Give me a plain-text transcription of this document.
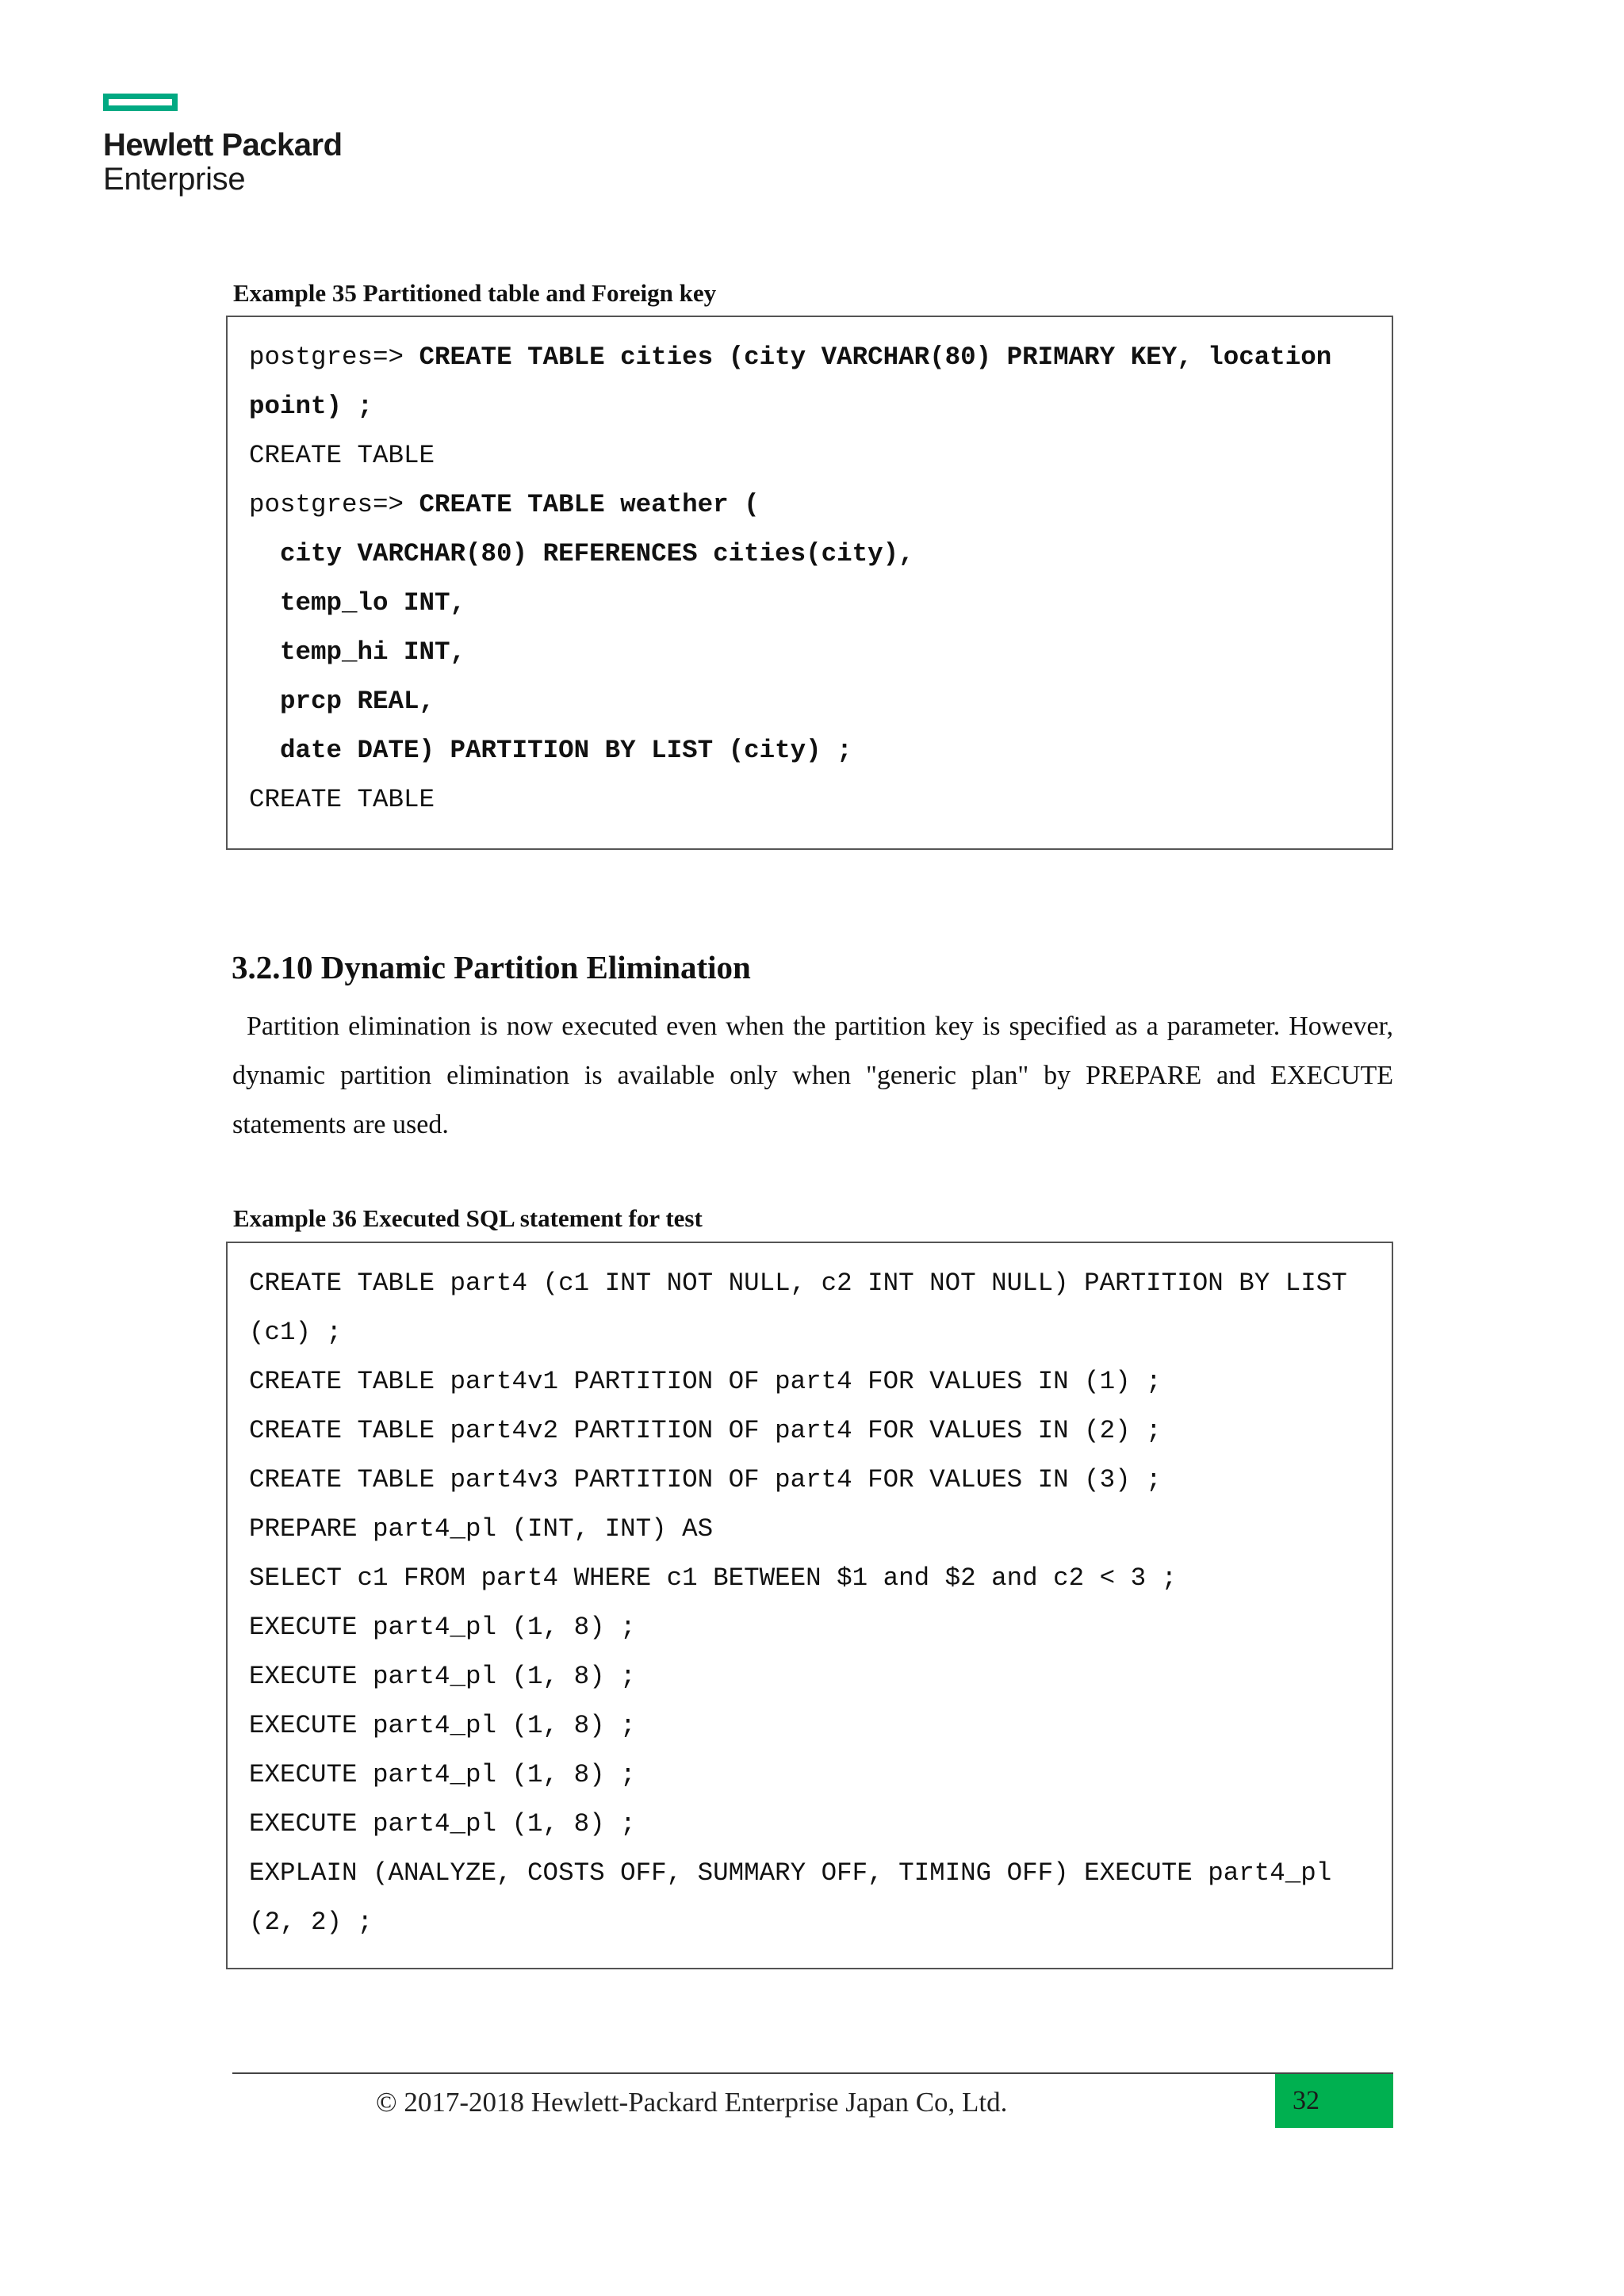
Hewlett Packard
Enterprise
Example 35 Partitioned table and Foreign key
postgres=> CREATE TABLE cities (city VARCHAR(80) PRIMARY KEY, location
point) ;
CREATE TABLE
postgres=> CREATE TABLE weather (
city VARCHAR(80) REFERENCES cities(city),
temp_lo INT,
temp_hi INT,
prcp REAL,
date DATE) PARTITION BY LIST (city) ;
CREATE TABLE
3.2.10 Dynamic Partition Elimination
Partition elimination is now executed even when the partition key is specified as a parameter. However, dynamic partition elimination is available only when "generic plan" by PREPARE and EXECUTE statements are used.
Example 36 Executed SQL statement for test
CREATE TABLE part4 (c1 INT NOT NULL, c2 INT NOT NULL) PARTITION BY LIST
(c1) ;
CREATE TABLE part4v1 PARTITION OF part4 FOR VALUES IN (1) ;
CREATE TABLE part4v2 PARTITION OF part4 FOR VALUES IN (2) ;
CREATE TABLE part4v3 PARTITION OF part4 FOR VALUES IN (3) ;
PREPARE part4_pl (INT, INT) AS
SELECT c1 FROM part4 WHERE c1 BETWEEN $1 and $2 and c2 < 3 ;
EXECUTE part4_pl (1, 8) ;
EXECUTE part4_pl (1, 8) ;
EXECUTE part4_pl (1, 8) ;
EXECUTE part4_pl (1, 8) ;
EXECUTE part4_pl (1, 8) ;
EXPLAIN (ANALYZE, COSTS OFF, SUMMARY OFF, TIMING OFF) EXECUTE part4_pl
(2, 2) ;
© 2017-2018 Hewlett-Packard Enterprise Japan Co, Ltd.	32
